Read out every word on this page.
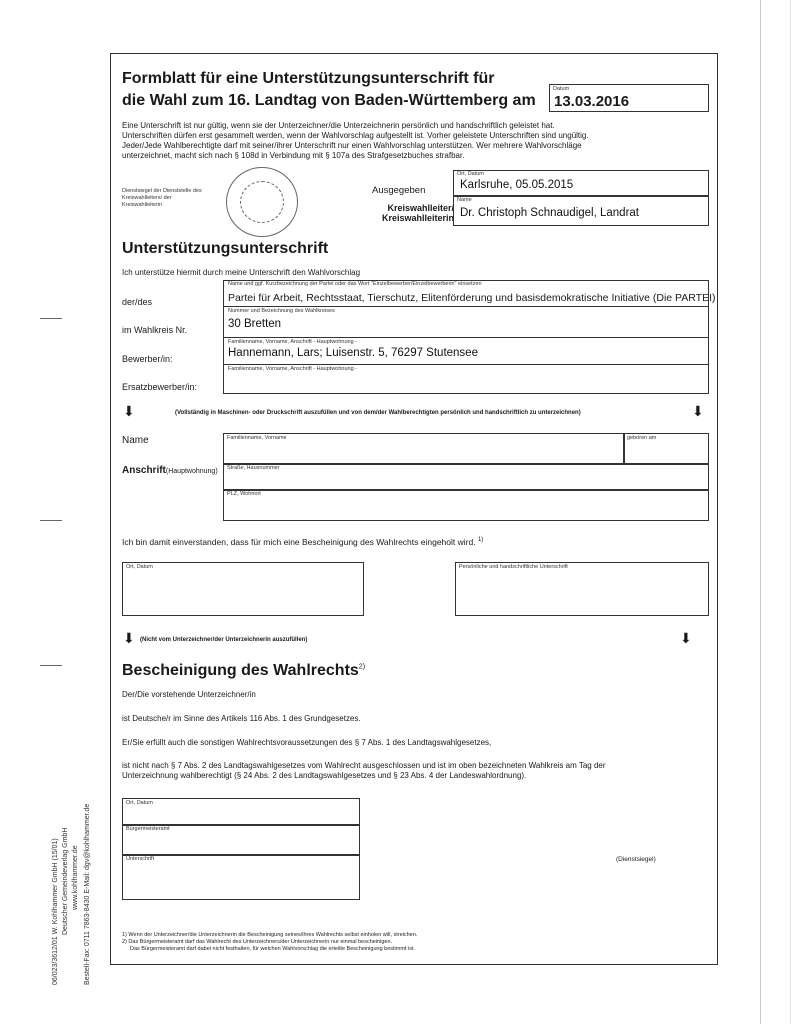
06/023/3612/01 W. Kohlhammer GmbH (15/01) Deutscher Gemeindeverlag GmbH www.kohlhammer.de Bestell-Fax: 0711 7863-8430 E-Mail: dgv@kohlhammer.de
Formblatt für eine Unterstützungsunterschrift für
die Wahl zum 16. Landtag von Baden-Württemberg am
Datum
13.03.2016
Eine Unterschrift ist nur gültig, wenn sie der Unterzeichner/die Unterzeichnerin persönlich und handschriftlich geleistet hat.
Unterschriften dürfen erst gesammelt werden, wenn der Wahlvorschlag aufgestellt ist. Vorher geleistete Unterschriften sind ungültig.
Jeder/Jede Wahlberechtigte darf mit seiner/ihrer Unterschrift nur einen Wahlvorschlag unterstützen. Wer mehrere Wahlvorschläge
unterzeichnet, macht sich nach § 108d in Verbindung mit § 107a des Strafgesetzbuches strafbar.
Dienstsiegel der Dienststelle des Kreiswahlleiters/ der Kreiswahlleiterin
Ausgegeben
Ort, Datum
Karlsruhe, 05.05.2015
Kreiswahlleiter/ Kreiswahlleiterin
Name
Dr. Christoph Schnaudigel, Landrat
Unterstützungsunterschrift
Ich unterstütze hiermit durch meine Unterschrift den Wahlvorschlag
Name und ggf. Kurzbezeichnung der Partei oder das Wort "Einzelbewerber/Einzelbewerberin" einsetzen
der/des	Partei für Arbeit, Rechtsstaat, Tierschutz, Elitenförderung und basisdemokratische Initiative (Die PARTEI)
Nummer und Bezeichnung des Wahlkreises
im Wahlkreis Nr.	30 Bretten
Familienname, Vorname, Anschrift - Hauptwohnung -
Bewerber/in:	Hannemann, Lars; Luisenstr. 5, 76297 Stutensee
Familienname, Vorname, Anschrift - Hauptwohnung -
Ersatzbewerber/in:
⬇	⬇
(Vollständig in Maschinen- oder Druckschrift auszufüllen und von dem/der Wahlberechtigten persönlich und handschriftlich zu unterzeichnen)
Name	Familienname, Vorname	geboren am
Anschrift(Hauptwohnung) Straße, Hausnummer
PLZ, Wohnort
Ich bin damit einverstanden, dass für mich eine Bescheinigung des Wahlrechts eingeholt wird. $^{1)}$
Ort, Datum	Persönliche und handschriftliche Unterschrift
⬇	⬇
(Nicht vom Unterzeichner/der Unterzeichnerin auszufüllen)
Bescheinigung des Wahlrechts$^{2)}$
Der/Die vorstehende Unterzeichner/in
ist Deutsche/r im Sinne des Artikels 116 Abs. 1 des Grundgesetzes.
Er/Sie erfüllt auch die sonstigen Wahlrechtsvoraussetzungen des § 7 Abs. 1 des Landtagswahlgesetzes,
ist nicht nach § 7 Abs. 2 des Landtagswahlgesetzes vom Wahlrecht ausgeschlossen und ist im oben bezeichneten Wahlkreis am Tag der
Unterzeichnung wahlberechtigt (§ 24 Abs. 2 des Landtagswahlgesetzes und § 23 Abs. 4 der Landeswahlordnung).
Ort, Datum
Bürgermeisteramt
Unterschrift	(Dienstsiegel)
1) Wenn der Unterzeichner/die Unterzeichnerin die Bescheinigung seines/ihres Wahlrechts selbst einholen will, streichen.
2) Das Bürgermeisteramt darf das Wahlrecht des Unterzeichners/der Unterzeichnerin nur einmal bescheinigen.
Das Bürgermeisteramt darf dabei nicht festhalten, für welchen Wahlvorschlag die erteilte Bescheinigung bestimmt ist.
